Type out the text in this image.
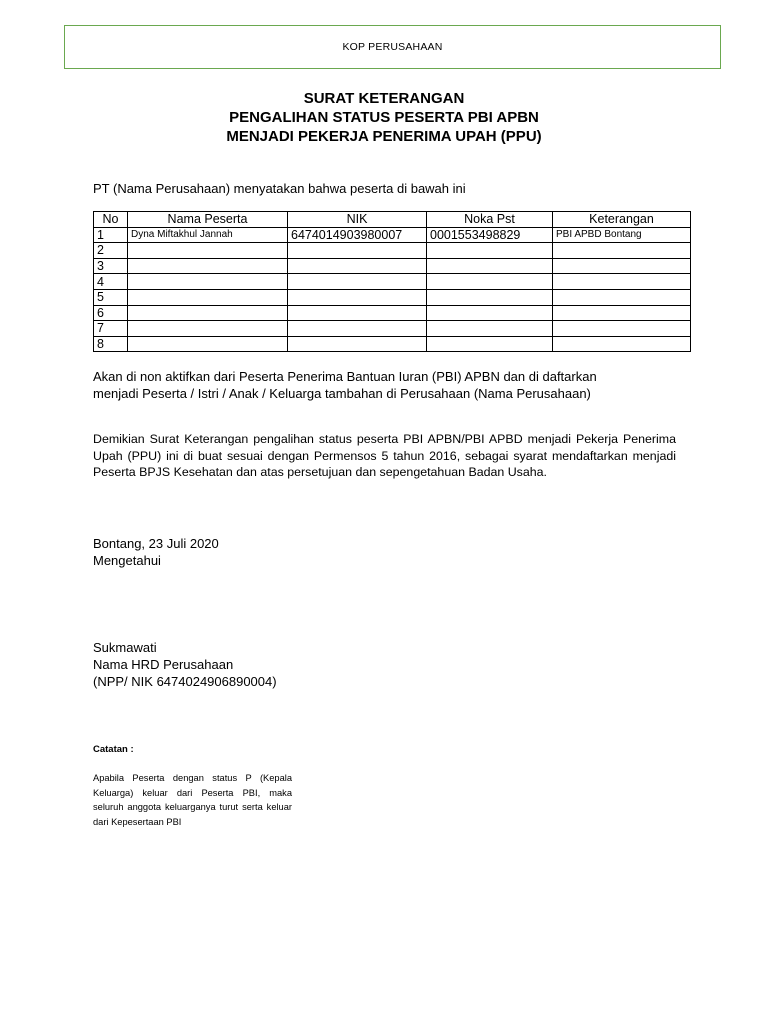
KOP PERUSAHAAN
SURAT KETERANGAN
PENGALIHAN STATUS PESERTA PBI APBN
MENJADI PEKERJA PENERIMA UPAH (PPU)
PT (Nama Perusahaan) menyatakan bahwa peserta di bawah ini
No	Nama Peserta	NIK	Noka Pst	Keterangan
1	Dyna Miftakhul Jannah	6474014903980007	0001553498829	PBI APBD Bontang
2				
3				
4				
5				
6				
7				
8				
Akan di non aktifkan dari Peserta Penerima Bantuan Iuran (PBI) APBN dan di daftarkan
menjadi Peserta / Istri / Anak / Keluarga tambahan di Perusahaan (Nama Perusahaan)
Demikian Surat Keterangan pengalihan status peserta PBI APBN/PBI APBD menjadi Pekerja Penerima Upah (PPU) ini di buat sesuai dengan Permensos 5 tahun 2016, sebagai syarat mendaftarkan menjadi Peserta BPJS Kesehatan dan atas persetujuan dan sepengetahuan Badan Usaha.
Bontang, 23 Juli 2020
Mengetahui
Sukmawati
Nama HRD Perusahaan
(NPP/ NIK 6474024906890004)
Catatan :
Apabila Peserta dengan status P (Kepala Keluarga) keluar dari Peserta PBI, maka seluruh anggota keluarganya turut serta keluar dari Kepesertaan PBI
